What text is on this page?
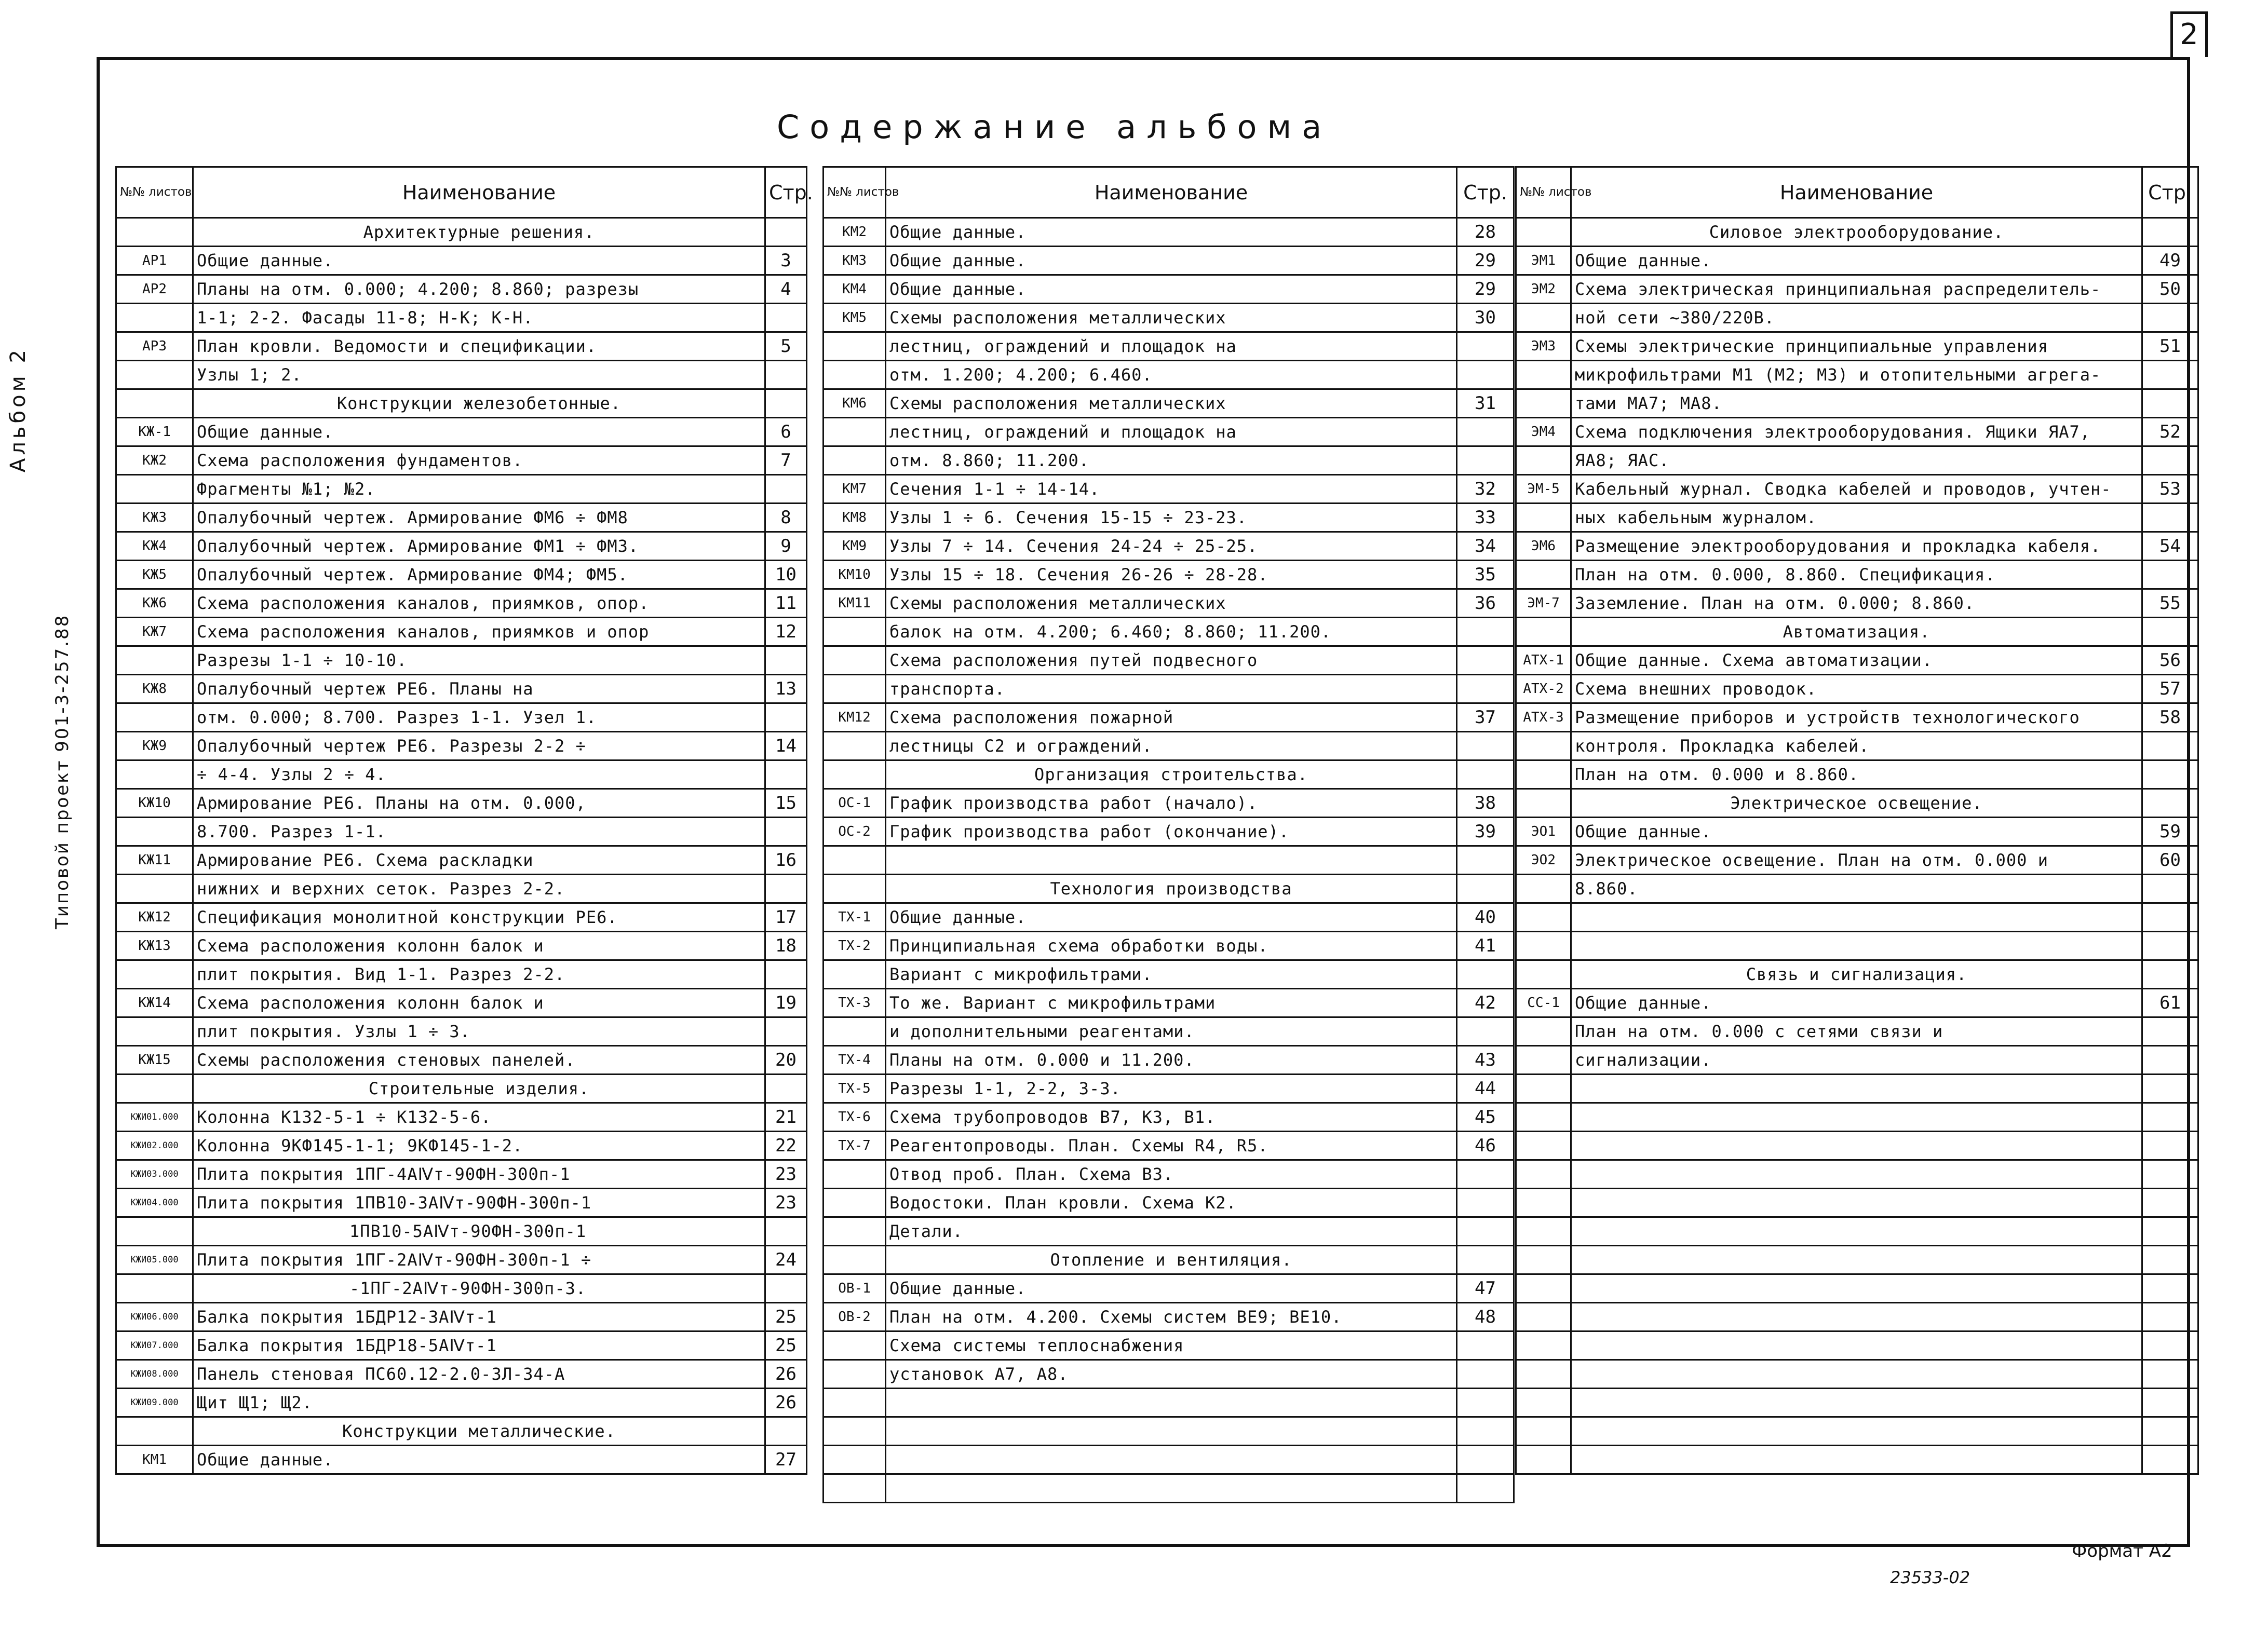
2
Содержание альбома
Типовой проект 901-3-257.88
Альбом 2
№№ листов	Наименование	Стр.
	Архитектурные решения.	
АР1	Общие данные.	3
АР2	Планы на отм. 0.000; 4.200; 8.860; разрезы	4
	1-1; 2-2. Фасады 11-8; Н-К; К-Н.	
АР3	План кровли. Ведомости и спецификации.	5
	Узлы 1; 2.	
	Конструкции железобетонные.	
КЖ-1	Общие данные.	6
КЖ2	Схема расположения фундаментов.	7
	Фрагменты №1; №2.	
КЖ3	Опалубочный чертеж. Армирование ФМ6 ÷ ФМ8	8
КЖ4	Опалубочный чертеж. Армирование ФМ1 ÷ ФМ3.	9
КЖ5	Опалубочный чертеж. Армирование ФМ4; ФМ5.	10
КЖ6	Схема расположения каналов, приямков, опор.	11
КЖ7	Схема расположения каналов, приямков и опор	12
	Разрезы 1-1 ÷ 10-10.	
КЖ8	Опалубочный чертеж РЕ6. Планы на	13
	отм. 0.000; 8.700. Разрез 1-1. Узел 1.	
КЖ9	Опалубочный чертеж РЕ6. Разрезы 2-2 ÷	14
	÷ 4-4. Узлы 2 ÷ 4.	
КЖ10	Армирование РЕ6. Планы на отм. 0.000,	15
	8.700. Разрез 1-1.	
КЖ11	Армирование РЕ6. Схема раскладки	16
	нижних и верхних сеток. Разрез 2-2.	
КЖ12	Спецификация монолитной конструкции РЕ6.	17
КЖ13	Схема расположения колонн балок и	18
	плит покрытия. Вид 1-1. Разрез 2-2.	
КЖ14	Схема расположения колонн балок и	19
	плит покрытия. Узлы 1 ÷ 3.	
КЖ15	Схемы расположения стеновых панелей.	20
	Строительные изделия.	
КЖИ01.000	Колонна К132-5-1 ÷ К132-5-6.	21
КЖИ02.000	Колонна 9КФ145-1-1; 9КФ145-1-2.	22
КЖИ03.000	Плита покрытия 1ПГ-4АⅣт-90ФН-300п-1	23
КЖИ04.000	Плита покрытия 1ПВ10-3АⅣт-90ФН-300п-1	23
	1ПВ10-5АⅣт-90ФН-300п-1	
КЖИ05.000	Плита покрытия 1ПГ-2АⅣт-90ФН-300п-1 ÷	24
	-1ПГ-2АⅣт-90ФН-300п-3.	
КЖИ06.000	Балка покрытия 1БДР12-3АⅣт-1	25
КЖИ07.000	Балка покрытия 1БДР18-5АⅣт-1	25
КЖИ08.000	Панель стеновая ПС60.12-2.0-3Л-34-А	26
КЖИ09.000	Щит Щ1; Щ2.	26
	Конструкции металлические.	
КМ1	Общие данные.	27
№№ листов	Наименование	Стр.
КМ2	Общие данные.	28
КМ3	Общие данные.	29
КМ4	Общие данные.	29
КМ5	Схемы расположения металлических	30
	лестниц, ограждений и площадок на	
	отм. 1.200; 4.200; 6.460.	
КМ6	Схемы расположения металлических	31
	лестниц, ограждений и площадок на	
	отм. 8.860; 11.200.	
КМ7	Сечения 1-1 ÷ 14-14.	32
КМ8	Узлы 1 ÷ 6. Сечения 15-15 ÷ 23-23.	33
КМ9	Узлы 7 ÷ 14. Сечения 24-24 ÷ 25-25.	34
КМ10	Узлы 15 ÷ 18. Сечения 26-26 ÷ 28-28.	35
КМ11	Схемы расположения металлических	36
	балок на отм. 4.200; 6.460; 8.860; 11.200.	
	Схема расположения путей подвесного	
	транспорта.	
КМ12	Схема расположения пожарной	37
	лестницы С2 и ограждений.	
	Организация строительства.	
ОС-1	График производства работ (начало).	38
ОС-2	График производства работ (окончание).	39

	Технология производства	
ТХ-1	Общие данные.	40
ТХ-2	Принципиальная схема обработки воды.	41
	Вариант с микрофильтрами.	
ТХ-3	То же. Вариант с микрофильтрами	42
	и дополнительными реагентами.	
ТХ-4	Планы на отм. 0.000 и 11.200.	43
ТХ-5	Разрезы 1-1, 2-2, 3-3.	44
ТХ-6	Схема трубопроводов В7, К3, В1.	45
ТХ-7	Реагентопроводы. План. Схемы R4, R5.	46
	Отвод проб. План. Схема В3.	
	Водостоки. План кровли. Схема К2.	
	Детали.	
	Отопление и вентиляция.	
ОВ-1	Общие данные.	47
ОВ-2	План на отм. 4.200. Схемы систем ВЕ9; ВЕ10.	48
	Схема системы теплоснабжения	
	установок А7, А8.	

№№ листов	Наименование	Стр.
	Силовое электрооборудование.	
ЭМ1	Общие данные.	49
ЭМ2	Схема электрическая принципиальная распределитель-	50
	ной сети ~380/220В.	
ЭМ3	Схемы электрические принципиальные управления	51
	микрофильтрами М1 (М2; М3) и отопительными агрега-	
	тами МА7; МА8.	
ЭМ4	Схема подключения электрооборудования. Ящики ЯА7,	52
	ЯА8; ЯАС.	
ЭМ-5	Кабельный журнал. Сводка кабелей и проводов, учтен-	53
	ных кабельным журналом.	
ЭМ6	Размещение электрооборудования и прокладка кабеля.	54
	План на отм. 0.000, 8.860. Спецификация.	
ЭМ-7	Заземление. План на отм. 0.000; 8.860.	55
	Автоматизация.	
АТХ-1	Общие данные. Схема автоматизации.	56
АТХ-2	Схема внешних проводок.	57
АТХ-3	Размещение приборов и устройств технологического	58
	контроля. Прокладка кабелей.	
	План на отм. 0.000 и 8.860.	
	Электрическое освещение.	
ЭО1	Общие данные.	59
ЭО2	Электрическое освещение. План на отм. 0.000 и	60
	8.860.	

	Связь и сигнализация.	
СС-1	Общие данные.	61
	План на отм. 0.000 с сетями связи и	
	сигнализации.	

Формат А2
23533-02
